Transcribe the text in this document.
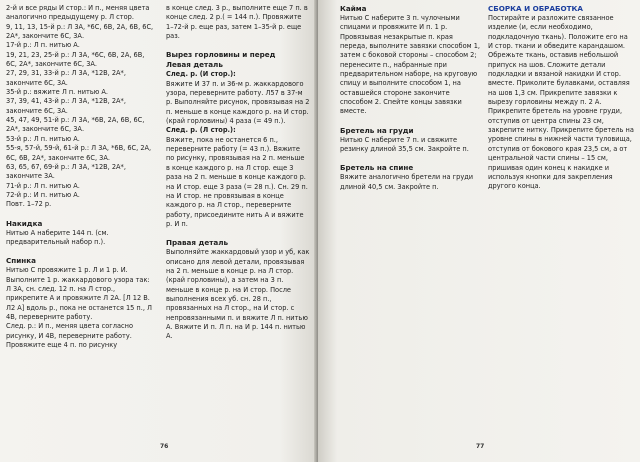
2-й и все ряды И стор.: И п., меняя цвета аналогично предыдущему р. Л стор.

9, 11, 13, 15-й р.: Л 3А, *6С, 6В, 2А, 6В, 6С, 2А*, закончите 6С, 3А.

17-й р.: Л п. нитью А.

19, 21, 23, 25-й р.: Л 3А, *6С, 6В, 2А, 6В, 6С, 2А*, закончите 6С, 3А.

27, 29, 31, 33-й р.: Л 3А, *12В, 2А*, закончите 6С, 3А.

35-й р.: вяжите Л п. нитью А.

37, 39, 41, 43-й р.: Л 3А, *12В, 2А*, закончите 6С, 3А.

45, 47, 49, 51-й р.: Л 3А, *6В, 2А, 6В, 6С, 2А*, закончите 6С, 3А.

53-й р.: Л п. нитью А.

55-я, 57-й, 59-й, 61-й р.: Л 3А, *6В, 6С, 2А, 6С, 6В, 2А*, закончите 6С, 3А.

63, 65, 67, 69-й р.: Л 3А, *12В, 2А*, закончите 3А.

71-й р.: Л п. нитью А.

72-й р.: И п. нитью А.

Повт. 1–72 р.

Накидка

Нитью А наберите 144 п. (см. предварительный набор п.).

Спинка

Нитью С провяжите 1 р. Л и 1 р. И.

Выполните 1 р. жаккардового узора так: Л 3А, сн. след. 12 п. на Л стор., прикрепите А и провяжите Л 2А. [Л 12 В. Л2 А] вдоль р., пока не останется 15 п., Л 4В, переверните работу.

След. р.: И п., меняя цвета согласно рисунку, И 4В, переверните работу. Провяжите еще 4 п. по рисунку

в конце след. 3 р., выполните еще 7 п. в конце след. 2 р.( = 144 п.). Провяжите 1–72-й р. еще раз, затем 1–35-й р. еще раз.

Вырез горловины и перед
Левая деталь

След. р. (И стор.):

Вяжите И 37 п. и 36-м р. жаккардового узора, переверните работу. Л57 в 37-м р. Выполняйте рисунок, провязывая на 2 п. меньше в конце каждого р. на И стор. (край горловины) 4 раза (= 49 п.).

След. р. (Л стор.):

Вяжите, пока не останется 6 п., переверните работу (= 43 п.). Вяжите по рисунку, провязывая на 2 п. меньше в конце каждого р. на Л стор. еще 3 раза на 2 п. меньше в конце каждого р. на И стор. еще 3 раза (= 28 п.). Сн. 29 п. на И стор. не провязывая в конце каждого р. на Л стор., переверните работу, присоедините нить А и вяжите р. И п.

Правая деталь

Выполняйте жаккардовый узор и уб, как описано для левой детали, провязывая на 2 п. меньше в конце р. на Л стор. (край горловины), а затем на 3 п. меньше в конце р. на И стор. После выполнения всех уб. сн. 28 п., провязанных на Л стор., на И стор. с непровязанными п. и вяжите Л п. нитью А. Вяжите И п. Л п. на И р. 144 п. нитью А.

76	77
Кайма

Нитью С наберите 3 п. чулочными спицами и провяжите И п. 1 р. Провязывая незакрытые п. края переда, выполните завязки способом 1, затем с боковой стороны – способом 2; перенесите п., набранные при предварительном наборе, на круговую спицу и выполните способом 1, на оставшейся стороне закончите способом 2. Спейте концы завязки вместе.

Бретель на груди

Нитью С наберите 7 п. и свяжите резинку длиной 35,5 см. Закройте п.

Бретель на спине

Вяжите аналогично бретели на груди длиной 40,5 см. Закройте п.

СБОРКА И ОБРАБОТКА

Постирайте и разложите связанное изделие (и, если необходимо, подкладочную ткань). Положите его на И стор. ткани и обведите карандашом. Обрежьте ткань, оставив небольшой припуск на шов. Сложите детали подкладки и вязаной накидки И стор. вместе. Приколите булавками, оставляя на шов 1,3 см. Прикрепите завязки к вырезу горловины между п. 2 А. Прикрепите бретель на уровне груди, отступив от центра спины 23 см, закрепите нитку. Прикрепите бретель на уровне спины в нижней части туловища, отступив от бокового края 23,5 см, а от центральной части спины – 15 см, пришивая один конец к накидке и используя кнопки для закрепления другого конца.
